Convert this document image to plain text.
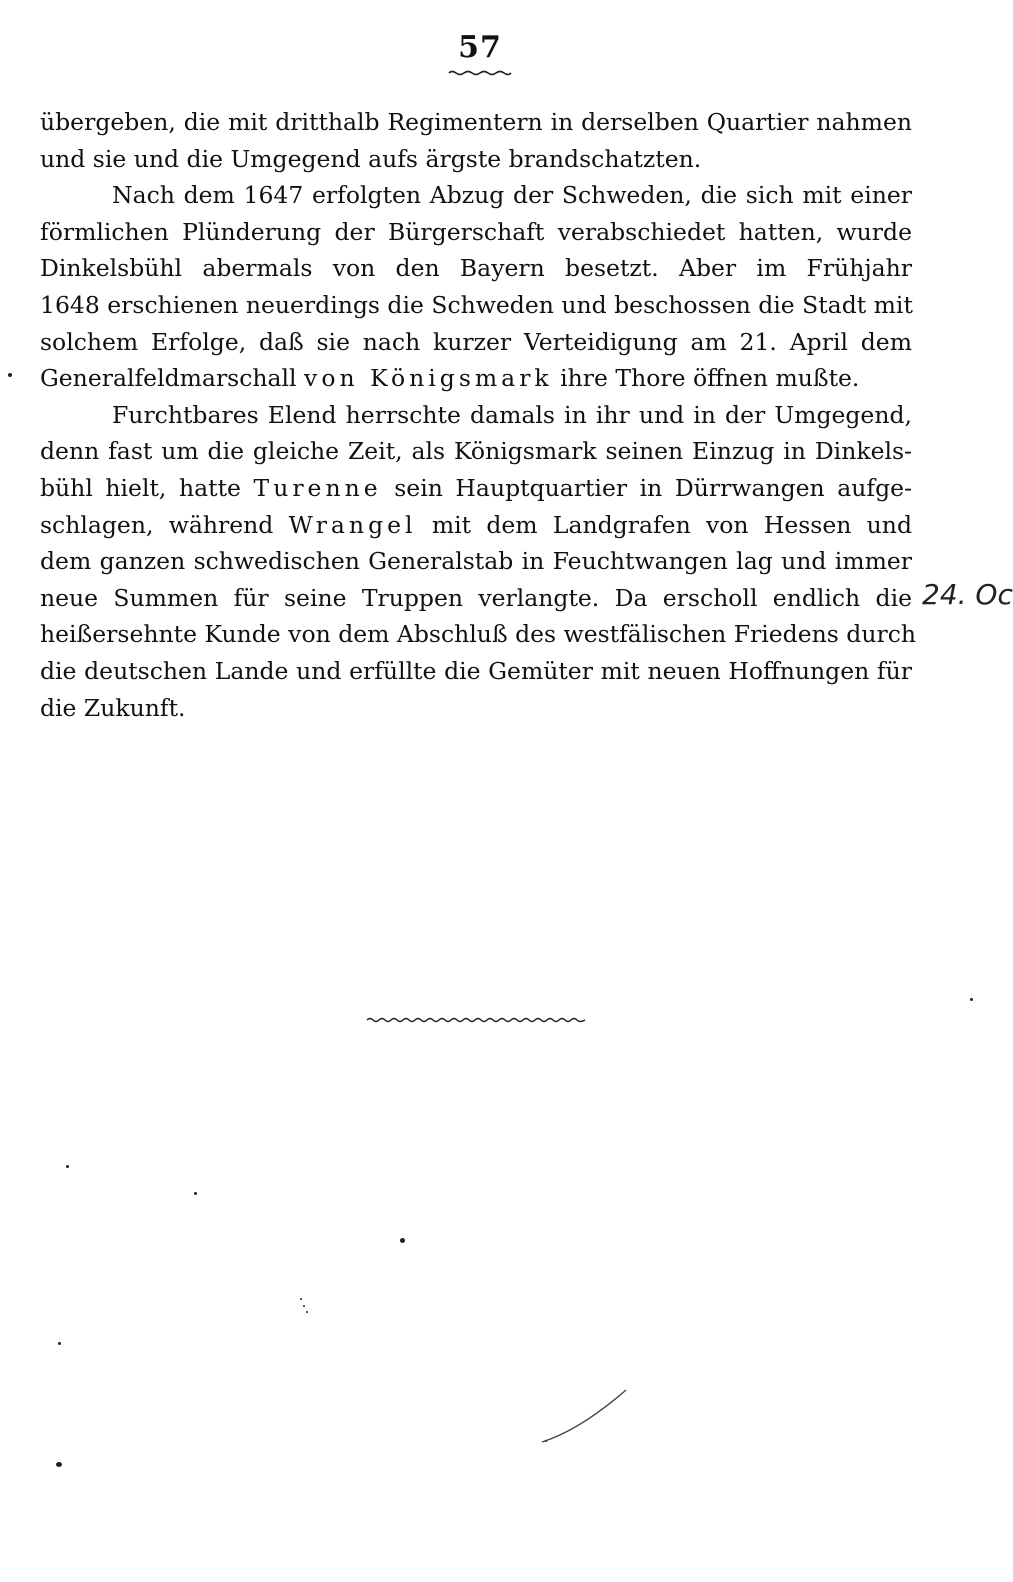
57
übergeben, die mit dritthalb Regimentern in derselben Quartier nahmen
und sie und die Umgegend aufs ärgste brandschatzten.
Nach dem 1647 erfolgten Abzug der Schweden, die sich mit einer
förmlichen Plünderung der Bürgerschaft verabschiedet hatten, wurde
Dinkelsbühl abermals von den Bayern besetzt. Aber im Frühjahr
1648 erschienen neuerdings die Schweden und beschossen die Stadt mit
solchem Erfolge, daß sie nach kurzer Verteidigung am 21. April dem
Generalfeldmarschall von Königsmark ihre Thore öffnen mußte.
Furchtbares Elend herrschte damals in ihr und in der Umgegend,
denn fast um die gleiche Zeit, als Königsmark seinen Einzug in Dinkels-
bühl hielt, hatte Turenne sein Hauptquartier in Dürrwangen aufge-
schlagen, während Wrangel mit dem Landgrafen von Hessen und
dem ganzen schwedischen Generalstab in Feuchtwangen lag und immer
neue Summen für seine Truppen verlangte. Da erscholl endlich die
heißersehnte Kunde von dem Abschluß des westfälischen Friedens durch
die deutschen Lande und erfüllte die Gemüter mit neuen Hoffnungen für
die Zukunft.
24. Oc
